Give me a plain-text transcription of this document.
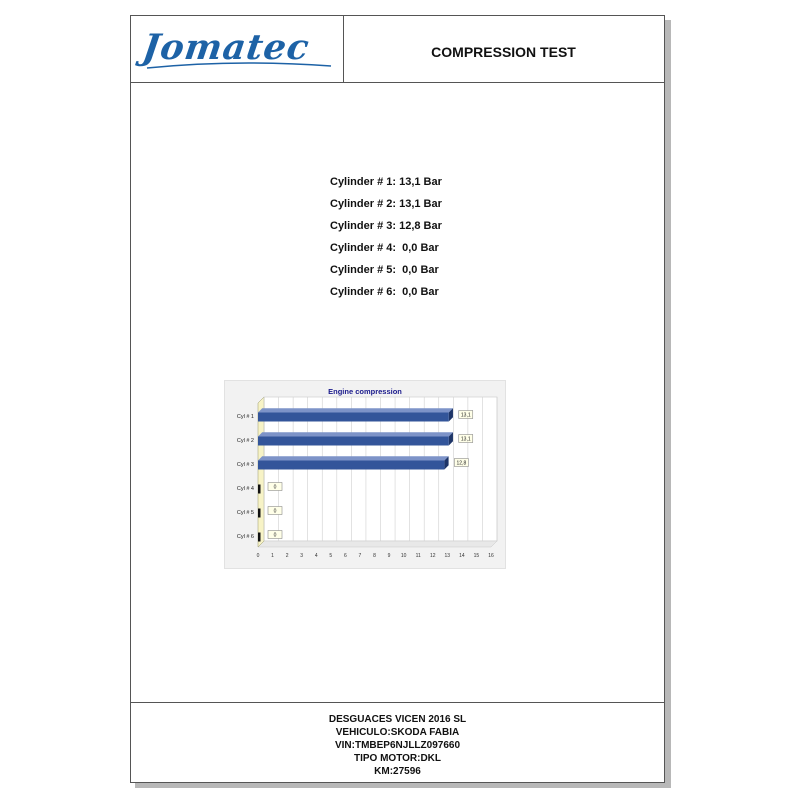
Jomatec	COMPRESSION TEST
Cylinder # 1: 13,1 Bar
Cylinder # 2: 13,1 Bar
Cylinder # 3: 12,8 Bar
Cylinder # 4:  0,0 Bar
Cylinder # 5:  0,0 Bar
Cylinder # 6:  0,0 Bar
Engine compression
0 1 2 3 4 5 6 7 8 9 10 11 12 13 14 15 16
Cyl # 1	13,1
Cyl # 2	13,1
Cyl # 3	12,8
Cyl # 4	0
Cyl # 5	0
Cyl # 6	0
DESGUACES VICEN 2016 SL
VEHICULO:SKODA FABIA
VIN:TMBEP6NJLLZ097660
TIPO MOTOR:DKL
KM:27596
